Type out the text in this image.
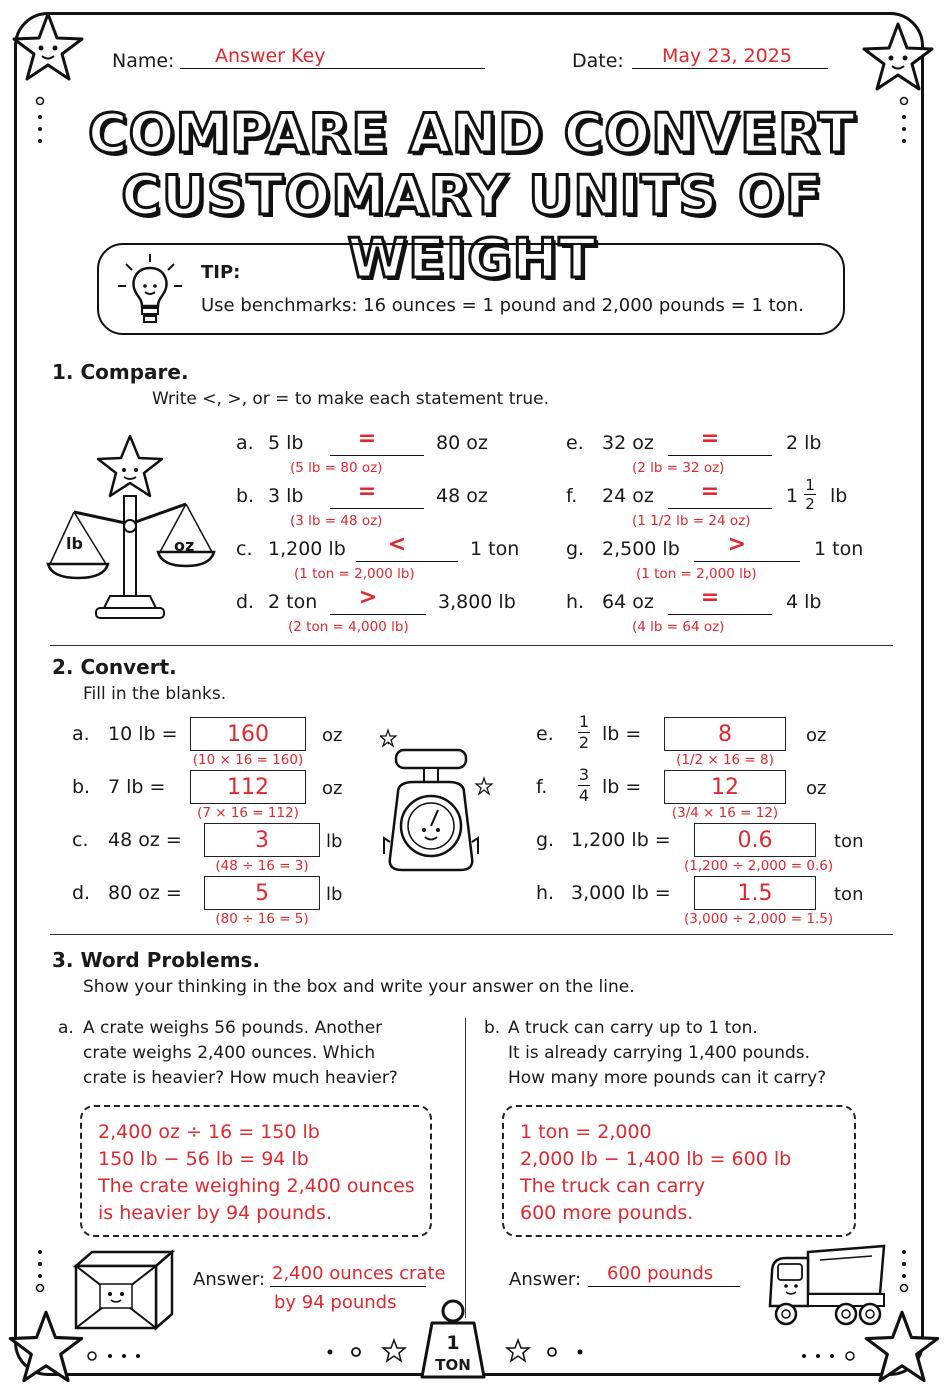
Name: Answer Key	Date: May 23, 2025
COMPARE AND CONVERT
CUSTOMARY UNITS OF WEIGHT
TIP:
Use benchmarks: 16 ounces = 1 pound and 2,000 pounds = 1 ton.
1. Compare.
Write <, >, or = to make each statement true.
lb	oz
a. 5 lb	=	80 oz
(5 lb = 80 oz)
b. 3 lb	=	48 oz
(3 lb = 48 oz)
c. 1,200 lb	<	1 ton
(1 ton = 2,000 lb)
d. 2 ton	>	3,800 lb
(2 ton = 4,000 lb)
e. 32 oz	=	2 lb
(2 lb = 32 oz)
f. 24 oz	=	1 1
2 lb
(1 1/2 lb = 24 oz)
g. 2,500 lb	>	1 ton
(1 ton = 2,000 lb)
h. 64 oz	=	4 lb
(4 lb = 64 oz)
2. Convert.
Fill in the blanks.
a. 10 lb =	160	oz
(10 × 16 = 160)
b. 7 lb =	112	oz
(7 × 16 = 112)
c. 48 oz =	3	lb
(48 ÷ 16 = 3)
d. 80 oz =	5	lb
(80 ÷ 16 = 5)
e.
1
2 lb =	8	oz
(1/2 × 16 = 8)
f.
3
4 lb =	12	oz
(3/4 × 16 = 12)
g. 1,200 lb =	0.6	ton
(1,200 ÷ 2,000 = 0.6)
h. 3,000 lb =	1.5	ton
(3,000 ÷ 2,000 = 1.5)
3. Word Problems.
Show your thinking in the box and write your answer on the line.
a. A crate weighs 56 pounds. Another
crate weighs 2,400 ounces. Which
crate is heavier? How much heavier?
b. A truck can carry up to 1 ton.
It is already carrying 1,400 pounds.
How many more pounds can it carry?
2,400 oz ÷ 16 = 150 lb
150 lb − 56 lb = 94 lb
The crate weighing 2,400 ounces
is heavier by 94 pounds.
1 ton = 2,000
2,000 lb − 1,400 lb = 600 lb
The truck can carry
600 more pounds.
Answer: 2,400 ounces crate
by 94 pounds
Answer: 600 pounds
1
TON
